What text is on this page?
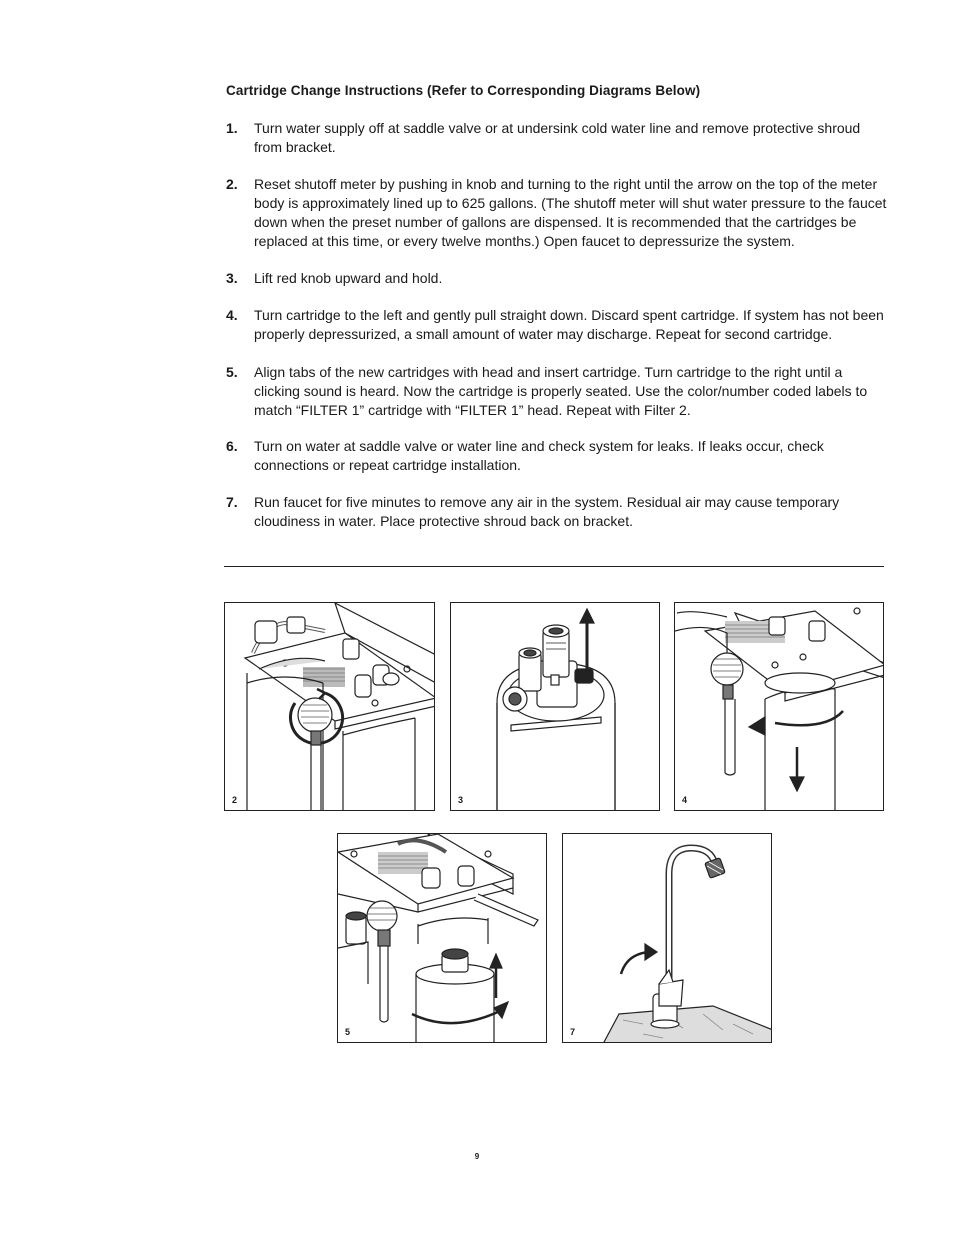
Cartridge Change Instructions (Refer to Corresponding Diagrams Below)
1. Turn water supply off at saddle valve or at undersink cold water line and remove protective shroud from bracket.
2. Reset shutoff meter by pushing in knob and turning to the right until the arrow on the top of the meter body is approximately lined up to 625 gallons. (The shutoff meter will shut water pressure to the faucet down when the preset number of gallons are dispensed. It is recommended that the cartridges be replaced at this time, or every twelve months.) Open faucet to depressurize the system.
3. Lift red knob upward and hold.
4. Turn cartridge to the left and gently pull straight down. Discard spent cartridge. If system has not been properly depressurized, a small amount of water may discharge. Repeat for second cartridge.
5. Align tabs of the new cartridges with head and insert cartridge. Turn cartridge to the right until a clicking sound is heard. Now the cartridge is properly seated. Use the color/number coded labels to match “FILTER 1” cartridge with “FILTER 1” head. Repeat with Filter 2.
6. Turn on water at saddle valve or water line and check system for leaks. If leaks occur, check connections or repeat cartridge installation.
7. Run faucet for five minutes to remove any air in the system. Residual air may cause temporary cloudiness in water. Place protective shroud back on bracket.
2	3	4
5	7
9
